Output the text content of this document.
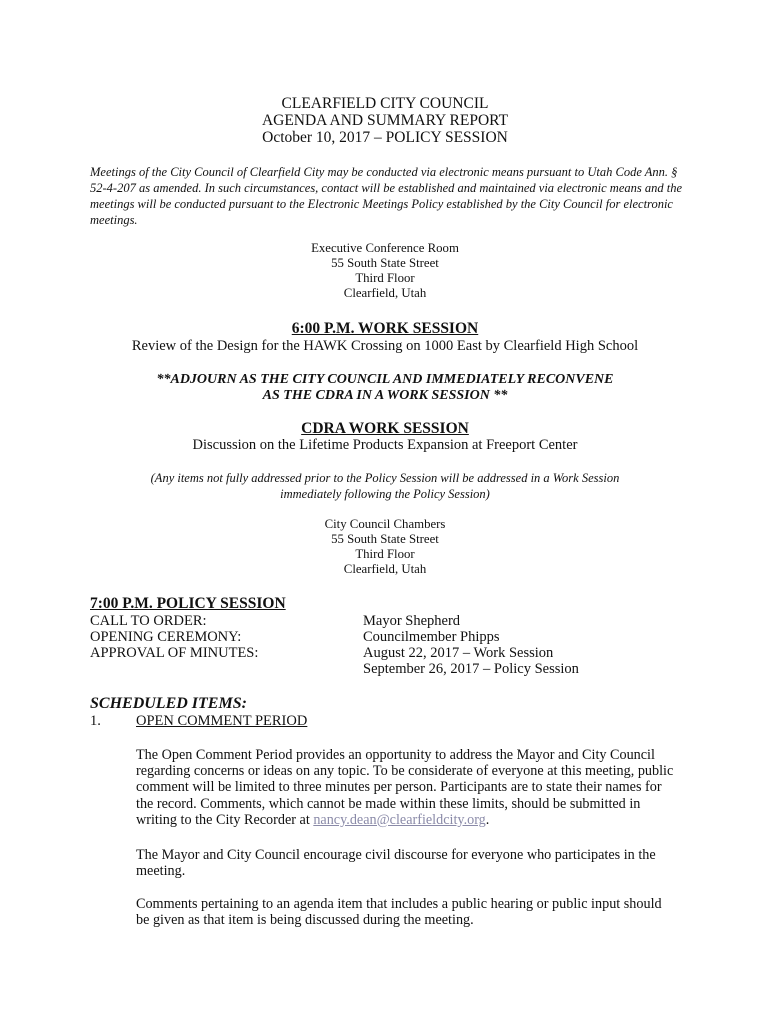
CLEARFIELD CITY COUNCIL
AGENDA AND SUMMARY REPORT
October 10, 2017 – POLICY SESSION
Meetings of the City Council of Clearfield City may be conducted via electronic means pursuant to Utah Code Ann. § 52-4-207 as amended. In such circumstances, contact will be established and maintained via electronic means and the meetings will be conducted pursuant to the Electronic Meetings Policy established by the City Council for electronic meetings.
Executive Conference Room
55 South State Street
Third Floor
Clearfield, Utah
6:00 P.M. WORK SESSION
Review of the Design for the HAWK Crossing on 1000 East by Clearfield High School
**ADJOURN AS THE CITY COUNCIL AND IMMEDIATELY RECONVENE
AS THE CDRA IN A WORK SESSION **
CDRA WORK SESSION
Discussion on the Lifetime Products Expansion at Freeport Center
(Any items not fully addressed prior to the Policy Session will be addressed in a Work Session
immediately following the Policy Session)
City Council Chambers
55 South State Street
Third Floor
Clearfield, Utah
7:00 P.M. POLICY SESSION
CALL TO ORDER:	Mayor Shepherd
OPENING CEREMONY:	Councilmember Phipps
APPROVAL OF MINUTES:	August 22, 2017 – Work Session
September 26, 2017 – Policy Session
SCHEDULED ITEMS:
1. OPEN COMMENT PERIOD
The Open Comment Period provides an opportunity to address the Mayor and City Council regarding concerns or ideas on any topic. To be considerate of everyone at this meeting, public comment will be limited to three minutes per person. Participants are to state their names for the record. Comments, which cannot be made within these limits, should be submitted in writing to the City Recorder at nancy.dean@clearfieldcity.org.
The Mayor and City Council encourage civil discourse for everyone who participates in the meeting.
Comments pertaining to an agenda item that includes a public hearing or public input should be given as that item is being discussed during the meeting.
